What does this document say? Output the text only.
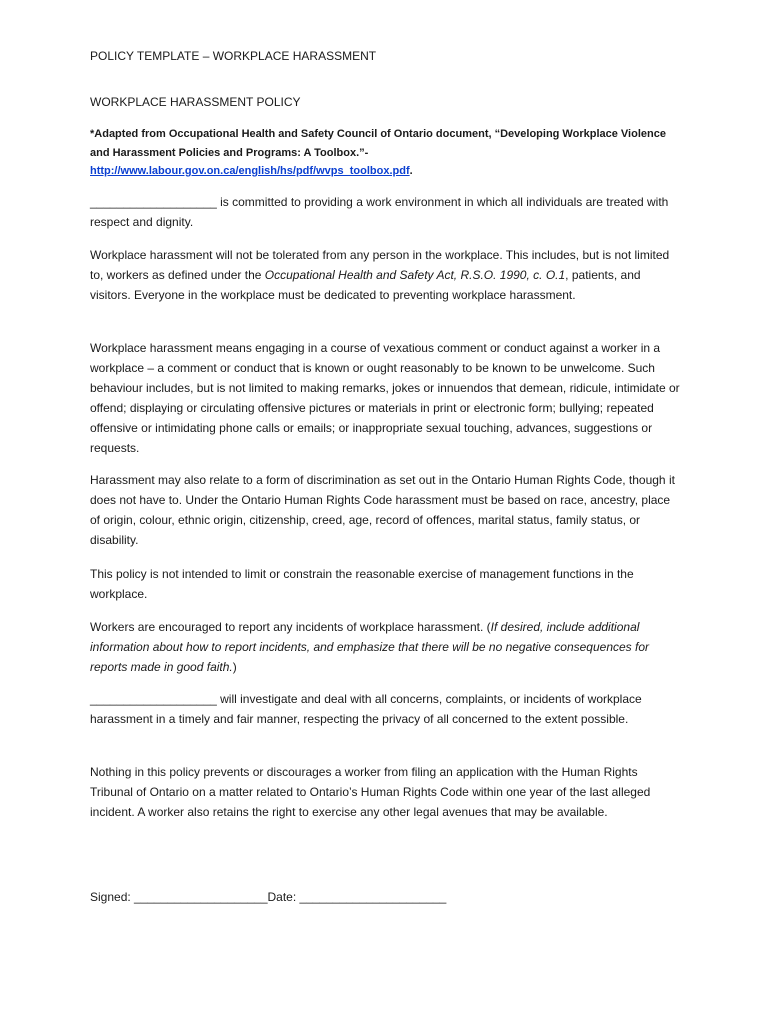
POLICY TEMPLATE – WORKPLACE HARASSMENT

WORKPLACE HARASSMENT POLICY

*Adapted from Occupational Health and Safety Council of Ontario document, “Developing Workplace Violence and Harassment Policies and Programs: A Toolbox.”-
http://www.labour.gov.on.ca/english/hs/pdf/wvps_toolbox.pdf.

___________________ is committed to providing a work environment in which all individuals are treated with respect and dignity.

Workplace harassment will not be tolerated from any person in the workplace. This includes, but is not limited to, workers as defined under the Occupational Health and Safety Act, R.S.O. 1990, c. O.1, patients, and visitors. Everyone in the workplace must be dedicated to preventing workplace harassment.

Workplace harassment means engaging in a course of vexatious comment or conduct against a worker in a workplace – a comment or conduct that is known or ought reasonably to be known to be unwelcome. Such behaviour includes, but is not limited to making remarks, jokes or innuendos that demean, ridicule, intimidate or offend; displaying or circulating offensive pictures or materials in print or electronic form; bullying; repeated offensive or intimidating phone calls or emails; or inappropriate sexual touching, advances, suggestions or requests.

Harassment may also relate to a form of discrimination as set out in the Ontario Human Rights Code, though it does not have to. Under the Ontario Human Rights Code harassment must be based on race, ancestry, place of origin, colour, ethnic origin, citizenship, creed, age, record of offences, marital status, family status, or disability.

This policy is not intended to limit or constrain the reasonable exercise of management functions in the workplace.

Workers are encouraged to report any incidents of workplace harassment. (If desired, include additional information about how to report incidents, and emphasize that there will be no negative consequences for reports made in good faith.)

___________________ will investigate and deal with all concerns, complaints, or incidents of workplace harassment in a timely and fair manner, respecting the privacy of all concerned to the extent possible.

Nothing in this policy prevents or discourages a worker from filing an application with the Human Rights Tribunal of Ontario on a matter related to Ontario’s Human Rights Code within one year of the last alleged incident. A worker also retains the right to exercise any other legal avenues that may be available.

Signed: ____________________Date: ______________________
